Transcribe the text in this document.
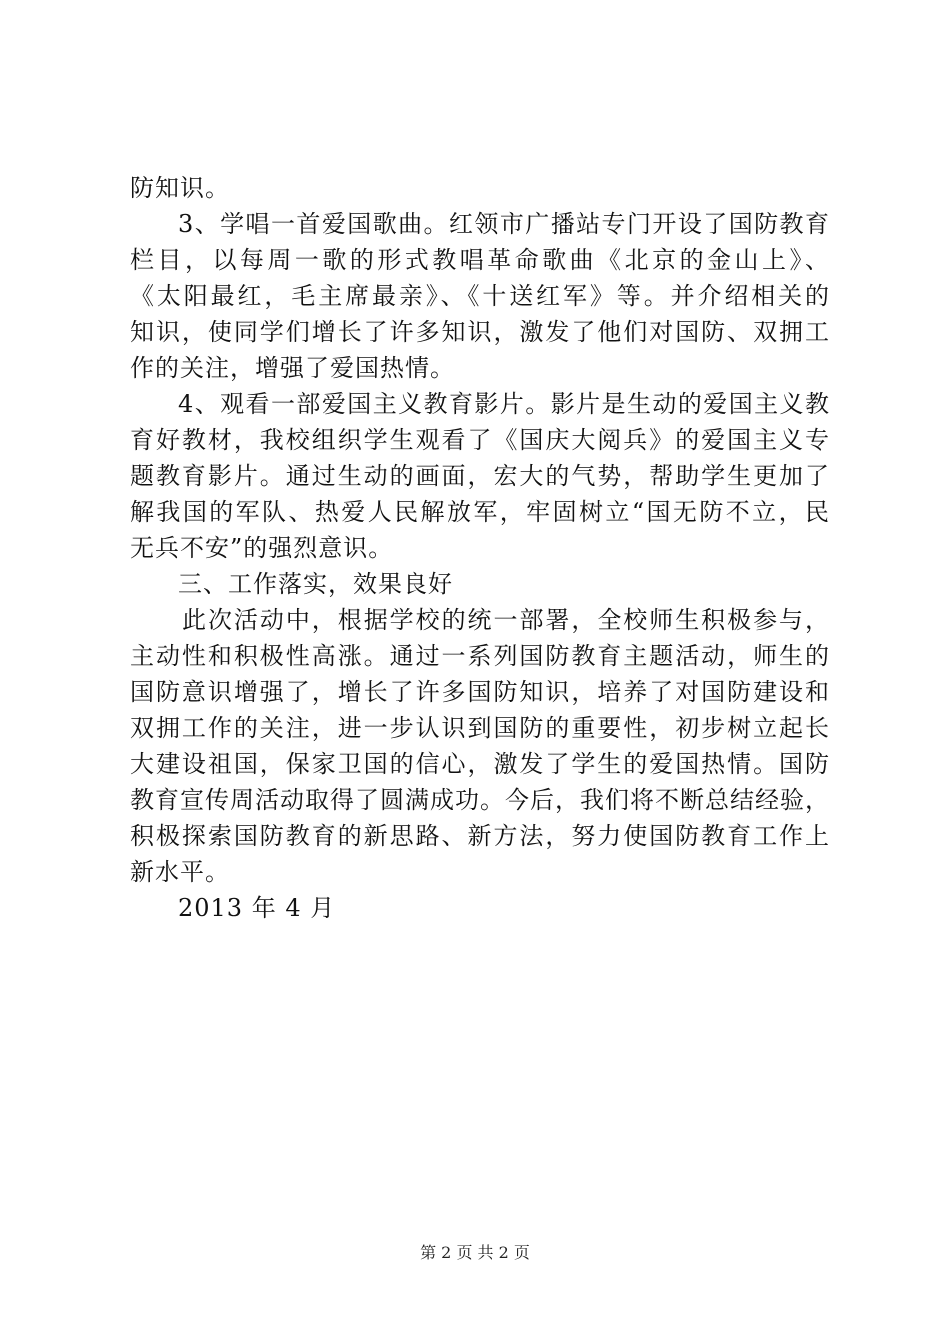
防知识。
3、学唱一首爱国歌曲。红领市广播站专门开设了国防教育
栏目，以每周一歌的形式教唱革命歌曲《北京的金山上》、
《太阳最红，毛主席最亲》、《十送红军》等。并介绍相关的
知识，使同学们增长了许多知识，激发了他们对国防、双拥工
作的关注，增强了爱国热情。
4、观看一部爱国主义教育影片。影片是生动的爱国主义教
育好教材，我校组织学生观看了《国庆大阅兵》的爱国主义专
题教育影片。通过生动的画面，宏大的气势，帮助学生更加了
解我国的军队、热爱人民解放军，牢固树立“国无防不立，民
无兵不安”的强烈意识。
三、工作落实，效果良好
此次活动中，根据学校的统一部署，全校师生积极参与，
主动性和积极性高涨。通过一系列国防教育主题活动，师生的
国防意识增强了，增长了许多国防知识，培养了对国防建设和
双拥工作的关注，进一步认识到国防的重要性，初步树立起长
大建设祖国，保家卫国的信心，激发了学生的爱国热情。国防
教育宣传周活动取得了圆满成功。今后，我们将不断总结经验，
积极探索国防教育的新思路、新方法，努力使国防教育工作上
新水平。
2013 年 4 月
第 2 页 共 2 页
